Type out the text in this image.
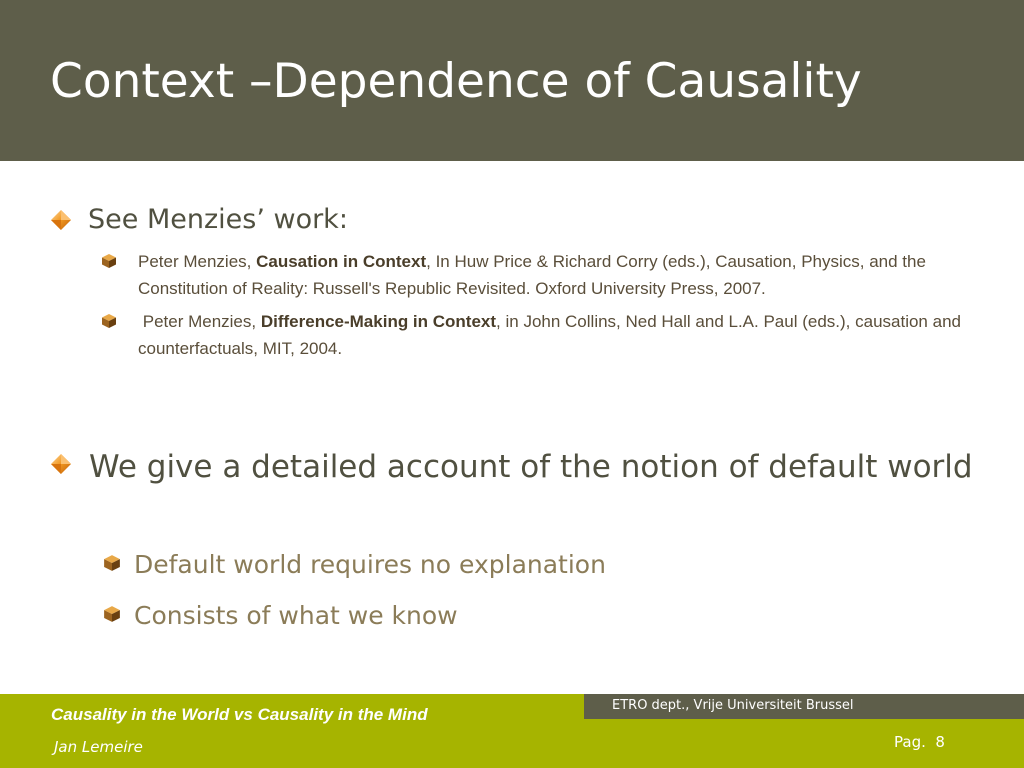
Context –Dependence of Causality

See Menzies’ work:

Peter Menzies, Causation in Context, In Huw Price & Richard Corry (eds.), Causation, Physics, and the Constitution of Reality: Russell's Republic Revisited. Oxford University Press, 2007.

Peter Menzies, Difference-Making in Context, in John Collins, Ned Hall and L.A. Paul (eds.), causation and counterfactuals, MIT, 2004.

We give a detailed account of the notion of default world

Default world requires no explanation

Consists of what we know

ETRO dept., Vrije Universiteit Brussel

Causality in the World vs Causality in the Mind

Jan Lemeire	Pag. 8
